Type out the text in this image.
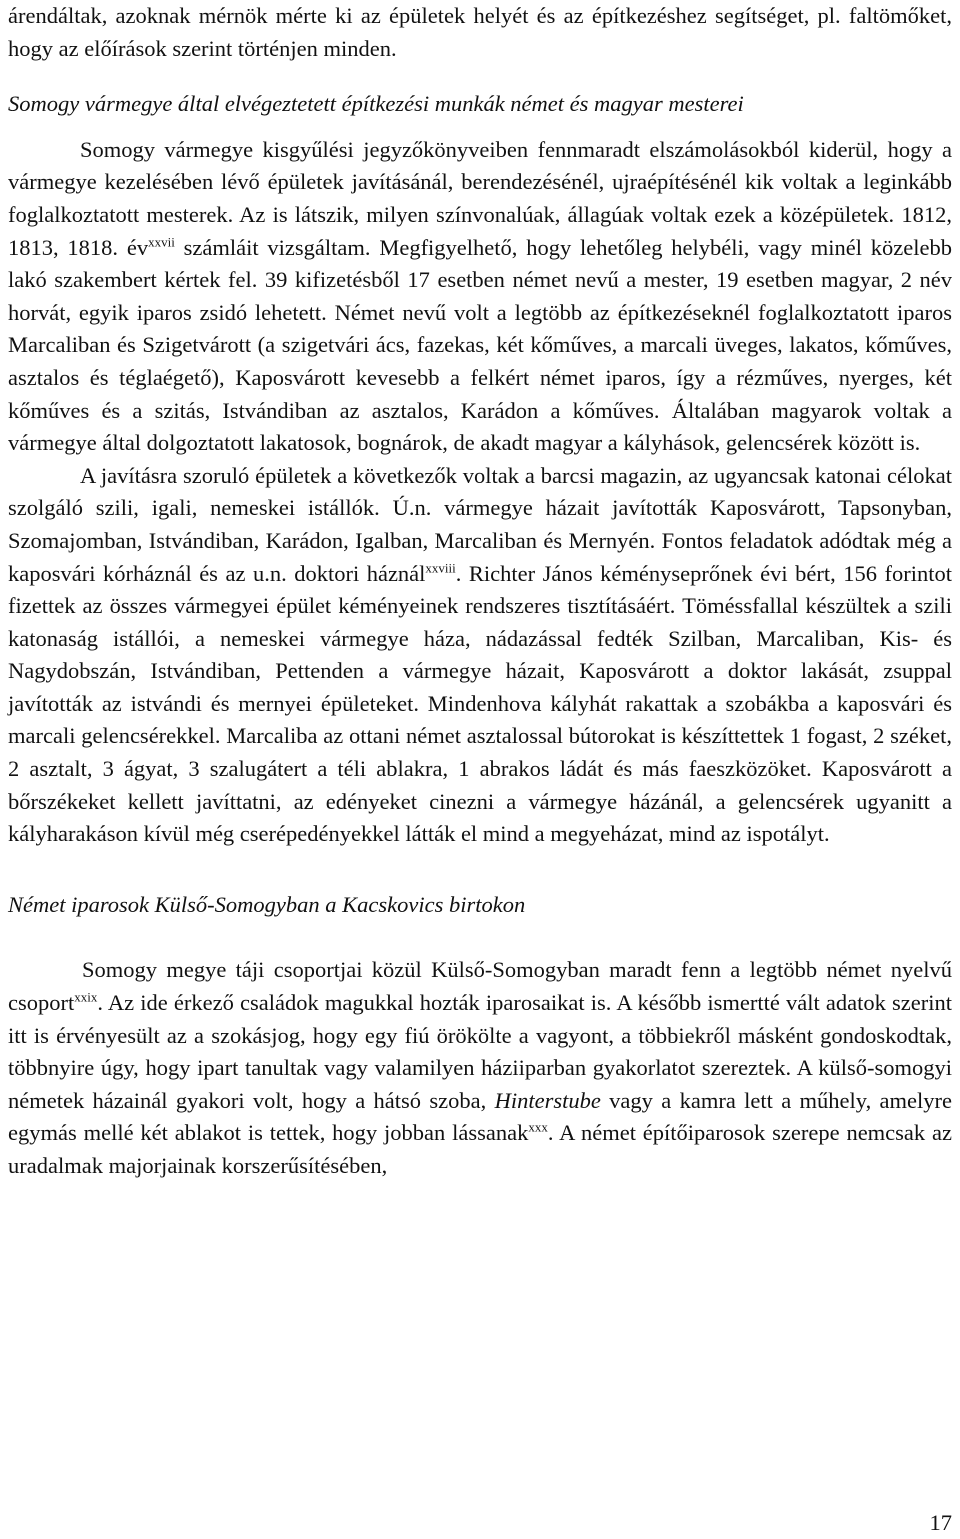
árendáltak, azoknak mérnök mérte ki az épületek helyét és az építkezéshez segítséget, pl. faltömőket, hogy az előírások szerint történjen minden.

Somogy vármegye által elvégeztetett építkezési munkák német és magyar mesterei

Somogy vármegye kisgyűlési jegyzőkönyveiben fennmaradt elszámolásokból kiderül, hogy a vármegye kezelésében lévő épületek javításánál, berendezésénél, ujraépítésénél kik voltak a leginkább foglalkoztatott mesterek. Az is látszik, milyen színvonalúak, állagúak voltak ezek a középületek. 1812, 1813, 1818. $év^{xxvii}$ számláit vizsgáltam. Megfigyelhető, hogy lehetőleg helybéli, vagy minél közelebb lakó szakembert kértek fel. 39 kifizetésből 17 esetben német nevű a mester, 19 esetben magyar, 2 név horvát, egyik iparos zsidó lehetett. Német nevű volt a legtöbb az építkezéseknél foglalkoztatott iparos Marcaliban és Szigetvárott (a szigetvári ács, fazekas, két kőműves, a marcali üveges, lakatos, kőműves, asztalos és téglaégető), Kaposvárott kevesebb a felkért német iparos, így a rézműves, nyerges, két kőműves és a szitás, Istvándiban az asztalos, Karádon a kőműves. Általában magyarok voltak a vármegye által dolgoztatott lakatosok, bognárok, de akadt magyar a kályhások, gelencsérek között is.

A javításra szoruló épületek a következők voltak a barcsi magazin, az ugyancsak katonai célokat szolgáló szili, igali, nemeskei istállók. Ú.n. vármegye házait javították Kaposvárott, Tapsonyban, Szomajomban, Istvándiban, Karádon, Igalban, Marcaliban és Mernyén. Fontos feladatok adódtak még a kaposvári kórháznál és az u.n. doktori háznál$^{xxviii}$. Richter János kéményseprőnek évi bért, 156 forintot fizettek az összes vármegyei épület kéményeinek rendszeres tisztításáért. Töméssfallal készültek a szili katonaság istállói, a nemeskei vármegye háza, nádazással fedték Szilban, Marcaliban, Kis- és Nagydobszán, Istvándiban, Pettenden a vármegye házait, Kaposvárott a doktor lakását, zsuppal javították az istvándi és mernyei épületeket. Mindenhova kályhát rakattak a szobákba a kaposvári és marcali gelencsérekkel. Marcaliba az ottani német asztalossal bútorokat is készíttettek 1 fogast, 2 széket, 2 asztalt, 3 ágyat, 3 szalugátert a téli ablakra, 1 abrakos ládát és más faeszközöket. Kaposvárott a bőrszékeket kellett javíttatni, az edényeket cinezni a vármegye házánál, a gelencsérek ugyanitt a kályharakáson kívül még cserépedényekkel látták el mind a megyeházat, mind az ispotályt.

Német iparosok Külső-Somogyban a Kacskovics birtokon

Somogy megye táji csoportjai közül Külső-Somogyban maradt fenn a legtöbb német nyelvű csoport$^{xxix}$. Az ide érkező családok magukkal hozták iparosaikat is. A később ismertté vált adatok szerint itt is érvényesült az a szokásjog, hogy egy fiú örökölte a vagyont, a többiekről másként gondoskodtak, többnyire úgy, hogy ipart tanultak vagy valamilyen háziiparban gyakorlatot szereztek. A külső-somogyi németek házainál gyakori volt, hogy a hátsó szoba, Hinterstube vagy a kamra lett a műhely, amelyre egymás mellé két ablakot is tettek, hogy jobban lássanak$^{xxx}$. A német építőiparosok szerepe nemcsak az uradalmak majorjainak korszerűsítésében,

17
